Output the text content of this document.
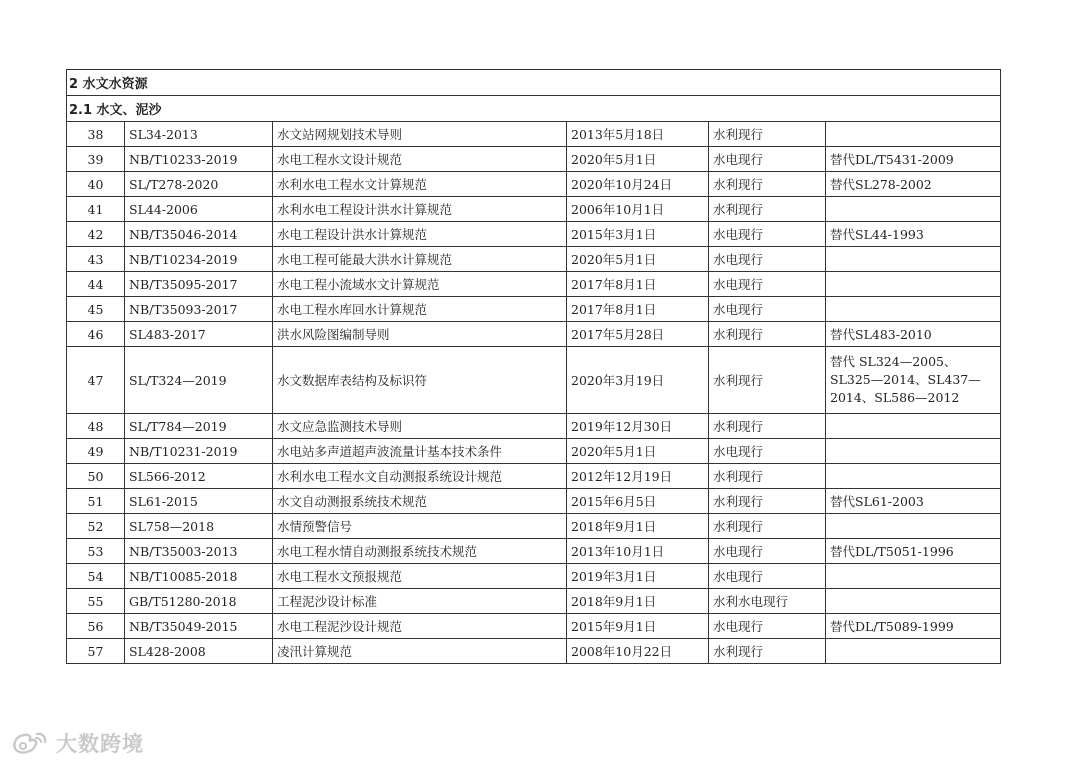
2 水文水资源					
2.1 水文、泥沙					
38	SL34-2013	水文站网规划技术导则	2013年5月18日	水利现行	
39	NB/T10233-2019	水电工程水文设计规范	2020年5月1日	水电现行	替代DL/T5431-2009
40	SL/T278-2020	水利水电工程水文计算规范	2020年10月24日	水利现行	替代SL278-2002
41	SL44-2006	水利水电工程设计洪水计算规范	2006年10月1日	水利现行	
42	NB/T35046-2014	水电工程设计洪水计算规范	2015年3月1日	水电现行	替代SL44-1993
43	NB/T10234-2019	水电工程可能最大洪水计算规范	2020年5月1日	水电现行	
44	NB/T35095-2017	水电工程小流域水文计算规范	2017年8月1日	水电现行	
45	NB/T35093-2017	水电工程水库回水计算规范	2017年8月1日	水电现行	
46	SL483-2017	洪水风险图编制导则	2017年5月28日	水利现行	替代SL483-2010
47	SL/T324—2019	水文数据库表结构及标识符	2020年3月19日	水利现行	替代 SL324—2005、SL325—2014、SL437—2014、SL586—2012
48	SL/T784—2019	水文应急监测技术导则	2019年12月30日	水利现行	
49	NB/T10231-2019	水电站多声道超声波流量计基本技术条件	2020年5月1日	水电现行	
50	SL566-2012	水利水电工程水文自动测报系统设计规范	2012年12月19日	水利现行	
51	SL61-2015	水文自动测报系统技术规范	2015年6月5日	水利现行	替代SL61-2003
52	SL758—2018	水情预警信号	2018年9月1日	水利现行	
53	NB/T35003-2013	水电工程水情自动测报系统技术规范	2013年10月1日	水电现行	替代DL/T5051-1996
54	NB/T10085-2018	水电工程水文预报规范	2019年3月1日	水电现行	
55	GB/T51280-2018	工程泥沙设计标准	2018年9月1日	水利水电现行	
56	NB/T35049-2015	水电工程泥沙设计规范	2015年9月1日	水电现行	替代DL/T5089-1999
57	SL428-2008	凌汛计算规范	2008年10月22日	水利现行	
大数跨境
